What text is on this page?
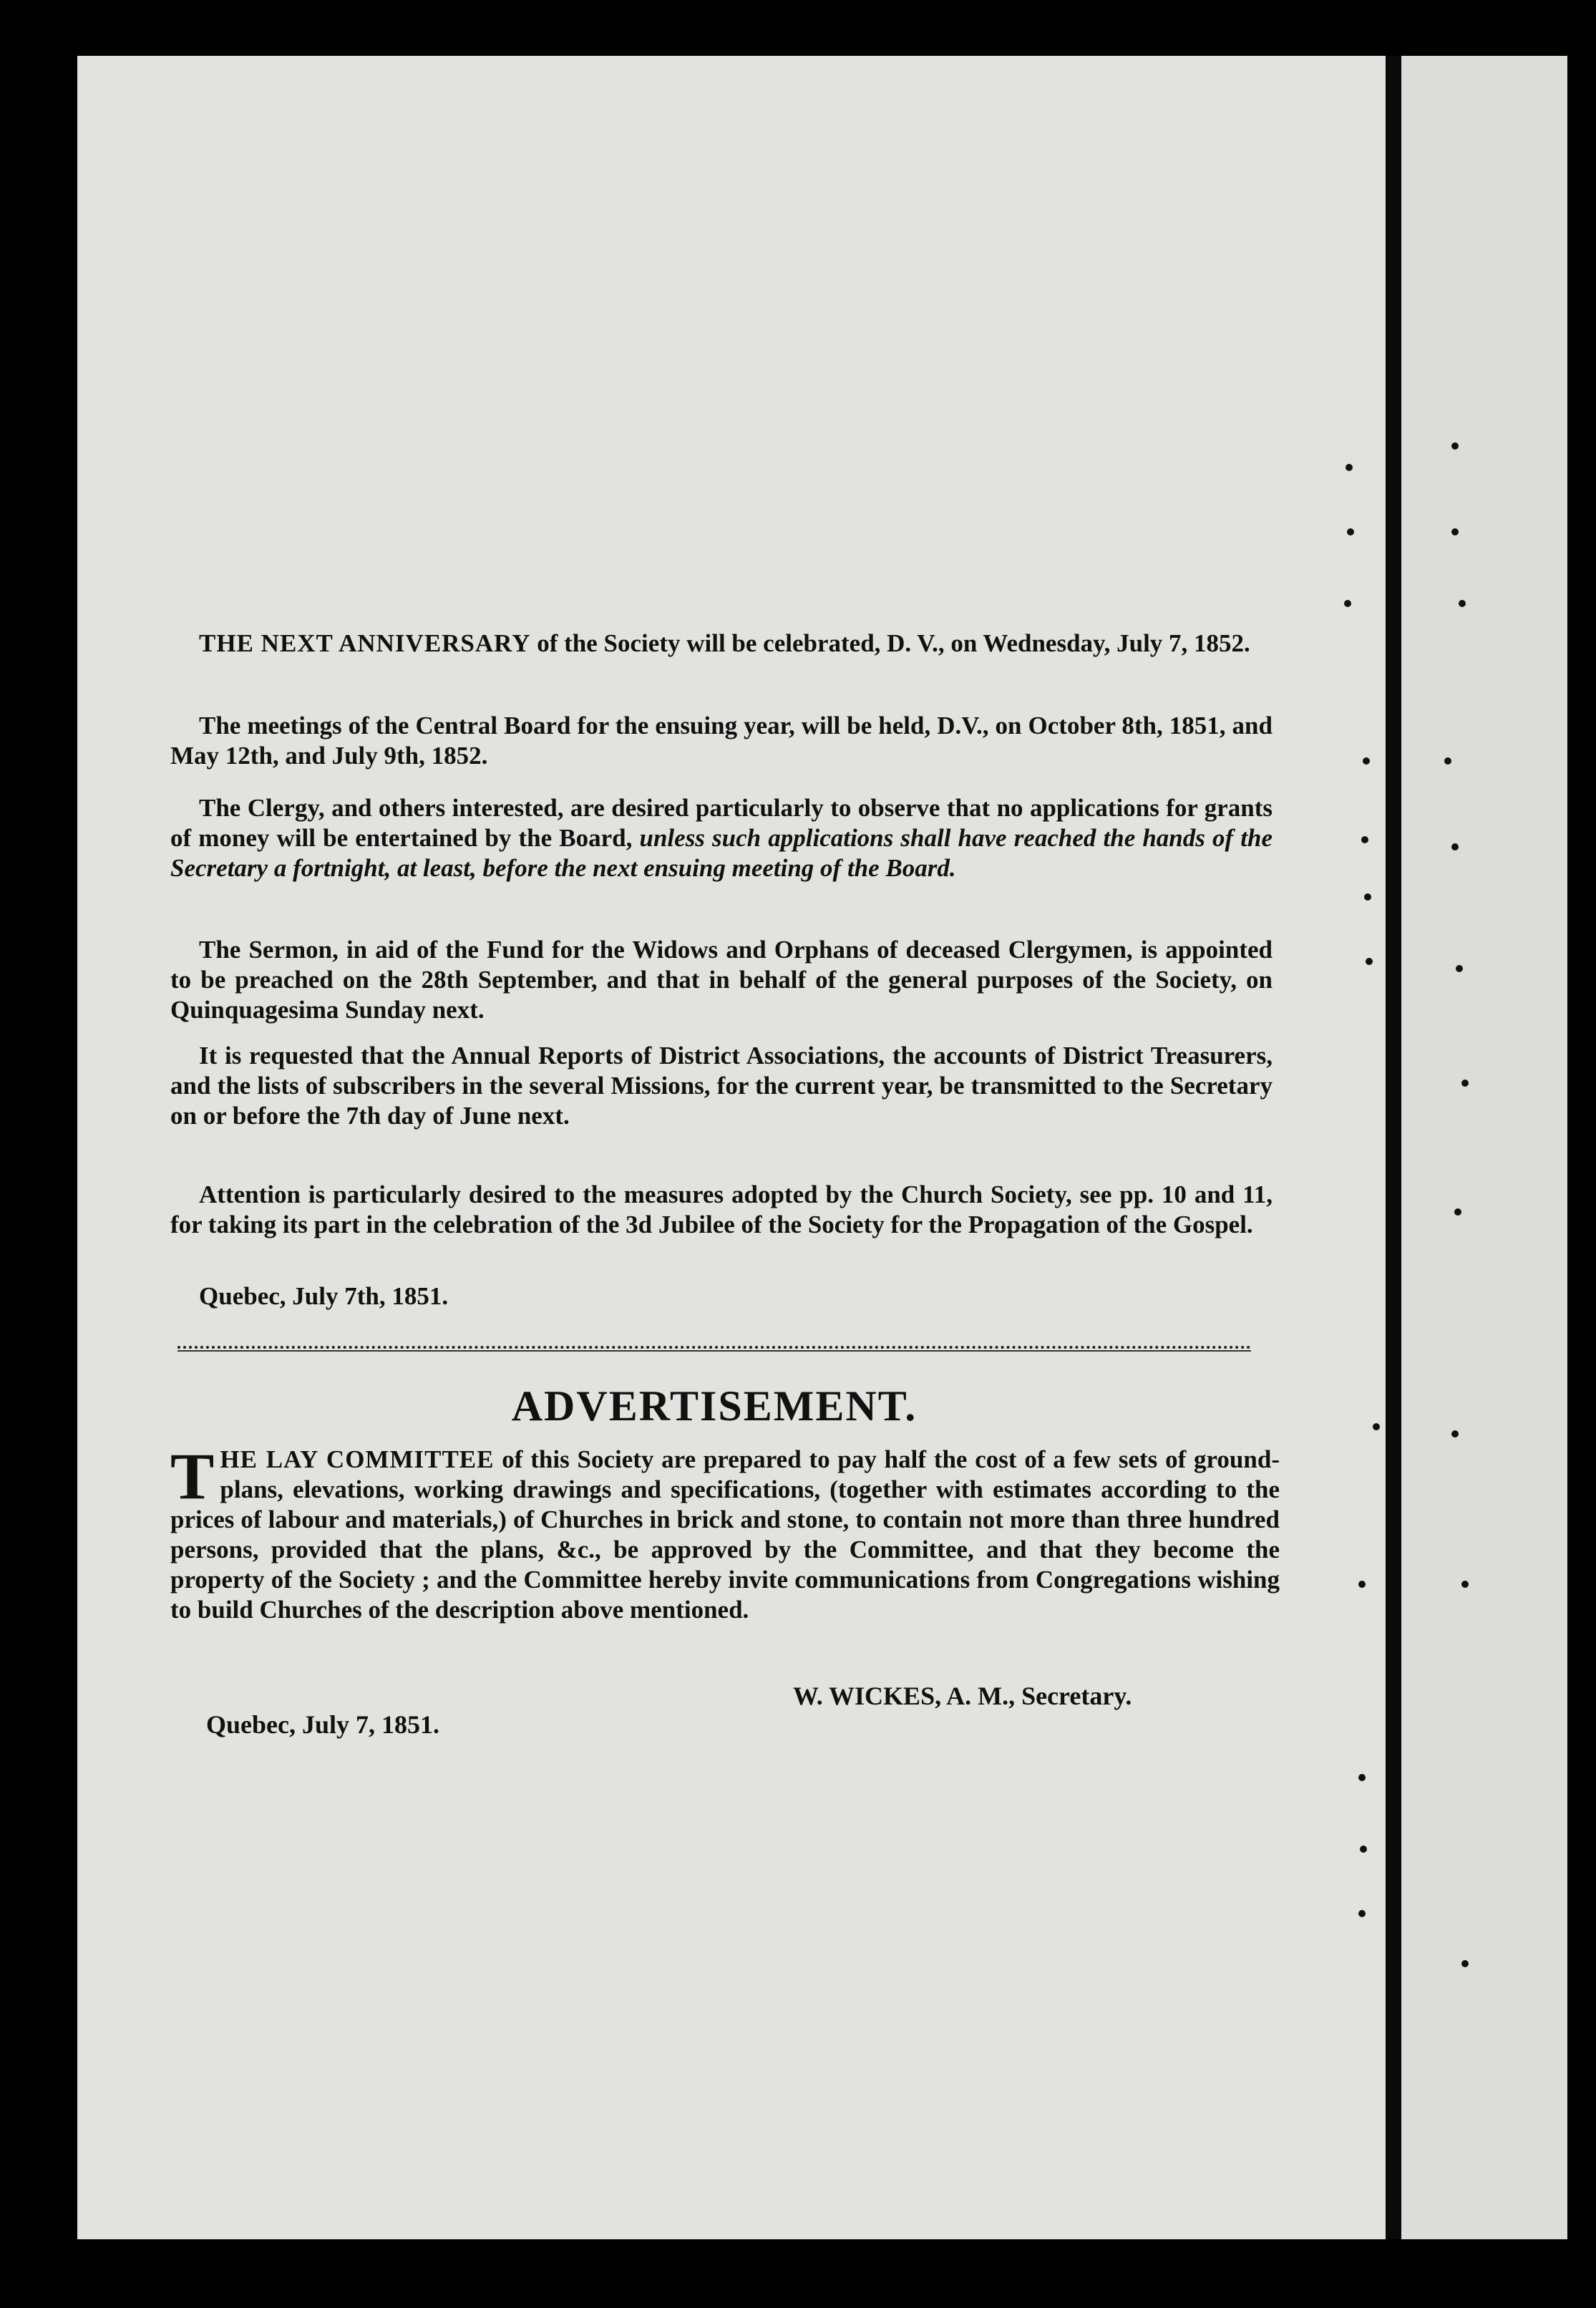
THE NEXT ANNIVERSARY of the Society will be celebrated, D. V., on Wednesday, July 7, 1852.

The meetings of the Central Board for the ensuing year, will be held, D.V., on October 8th, 1851, and May 12th, and July 9th, 1852.

The Clergy, and others interested, are desired particularly to observe that no applications for grants of money will be entertained by the Board, unless such applications shall have reached the hands of the Secretary a fortnight, at least, before the next ensuing meeting of the Board.

The Sermon, in aid of the Fund for the Widows and Orphans of deceased Clergymen, is appointed to be preached on the 28th September, and that in behalf of the general purposes of the Society, on Quinquagesima Sunday next.

It is requested that the Annual Reports of District Associations, the accounts of District Treasurers, and the lists of subscribers in the several Missions, for the current year, be transmitted to the Secretary on or before the 7th day of June next.

Attention is particularly desired to the measures adopted by the Church Society, see pp. 10 and 11, for taking its part in the celebration of the 3d Jubilee of the Society for the Propagation of the Gospel.

Quebec, July 7th, 1851.

ADVERTISEMENT.

THE LAY COMMITTEE of this Society are prepared to pay half the cost of a few sets of ground-plans, elevations, working drawings and specifications, (together with estimates according to the prices of labour and materials,) of Churches in brick and stone, to contain not more than three hundred persons, provided that the plans, &c., be approved by the Committee, and that they become the property of the Society ; and the Committee hereby invite communications from Congregations wishing to build Churches of the description above mentioned.

W. WICKES, A. M., Secretary.
Quebec, July 7, 1851.
